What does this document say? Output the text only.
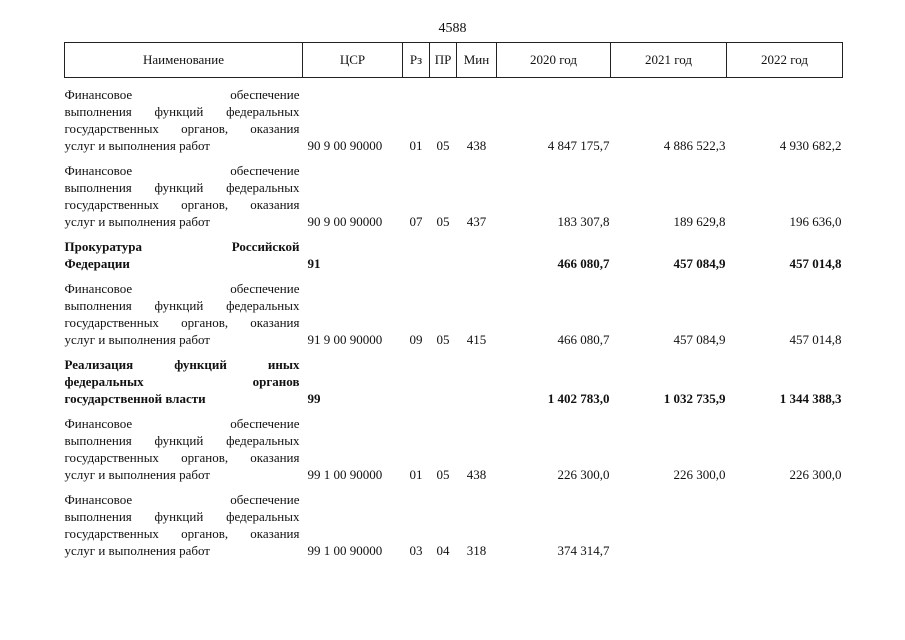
4588
Наименование	ЦСР	Рз	ПР	Мин	2020 год	2021 год	2022 год

Финансовое обеспечение
выполнения функций федеральных
государственных органов, оказания
услуг и выполнения работ	90 9 00 90000	01	05	438	4 847 175,7	4 886 522,3	4 930 682,2

Финансовое обеспечение
выполнения функций федеральных
государственных органов, оказания
услуг и выполнения работ	90 9 00 90000	07	05	437	183 307,8	189 629,8	196 636,0

Прокуратура Российской
Федерации	91				466 080,7	457 084,9	457 014,8

Финансовое обеспечение
выполнения функций федеральных
государственных органов, оказания
услуг и выполнения работ	91 9 00 90000	09	05	415	466 080,7	457 084,9	457 014,8

Реализация функций иных
федеральных органов
государственной власти	99				1 402 783,0	1 032 735,9	1 344 388,3

Финансовое обеспечение
выполнения функций федеральных
государственных органов, оказания
услуг и выполнения работ	99 1 00 90000	01	05	438	226 300,0	226 300,0	226 300,0

Финансовое обеспечение
выполнения функций федеральных
государственных органов, оказания
услуг и выполнения работ	99 1 00 90000	03	04	318	374 314,7		
